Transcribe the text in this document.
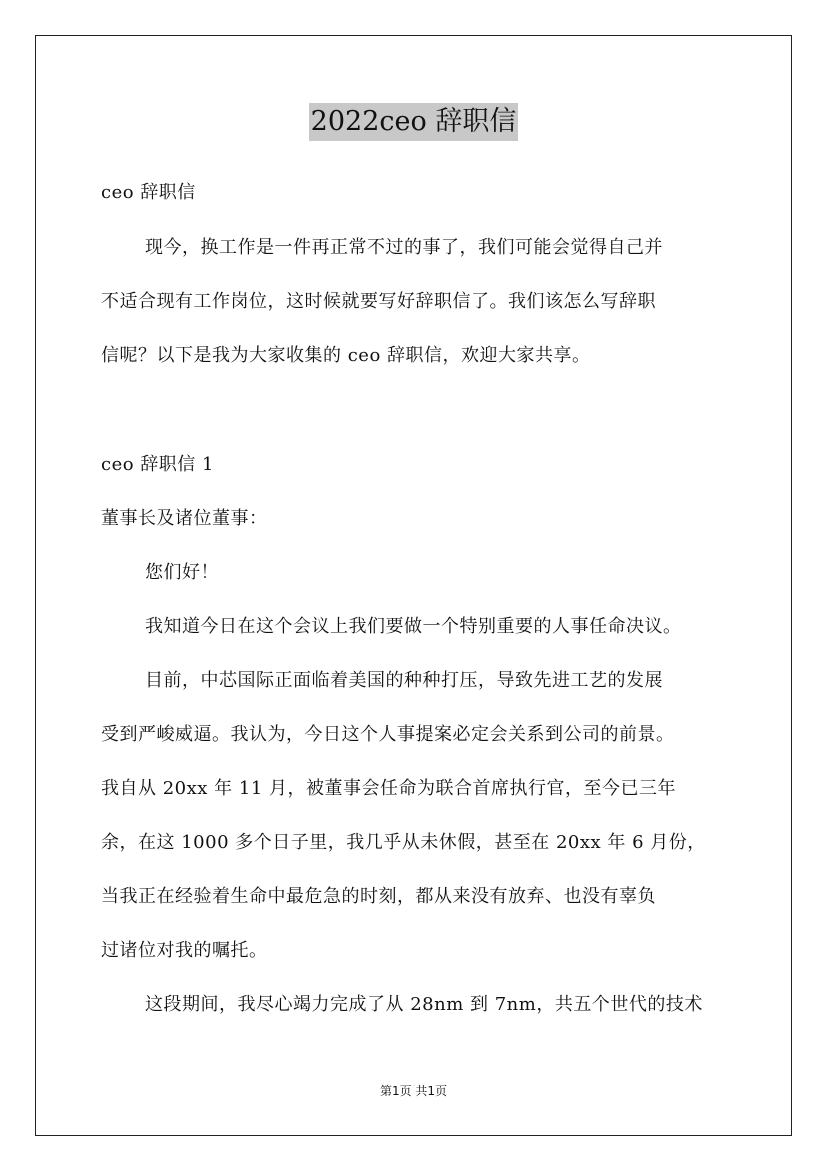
2022ceo 辞职信
ceo 辞职信
现今，换工作是一件再正常不过的事了，我们可能会觉得自己并
不适合现有工作岗位，这时候就要写好辞职信了。我们该怎么写辞职
信呢？以下是我为大家收集的 ceo 辞职信，欢迎大家共享。
ceo 辞职信 1
董事长及诸位董事：
您们好！
我知道今日在这个会议上我们要做一个特别重要的人事任命决议。
目前，中芯国际正面临着美国的种种打压，导致先进工艺的发展
受到严峻威逼。我认为，今日这个人事提案必定会关系到公司的前景。
我自从 20xx 年 11 月，被董事会任命为联合首席执行官，至今已三年
余，在这 1000 多个日子里，我几乎从未休假，甚至在 20xx 年 6 月份，
当我正在经验着生命中最危急的时刻，都从来没有放弃、也没有辜负
过诸位对我的嘱托。
这段期间，我尽心竭力完成了从 28nm 到 7nm，共五个世代的技术
第1页 共1页
